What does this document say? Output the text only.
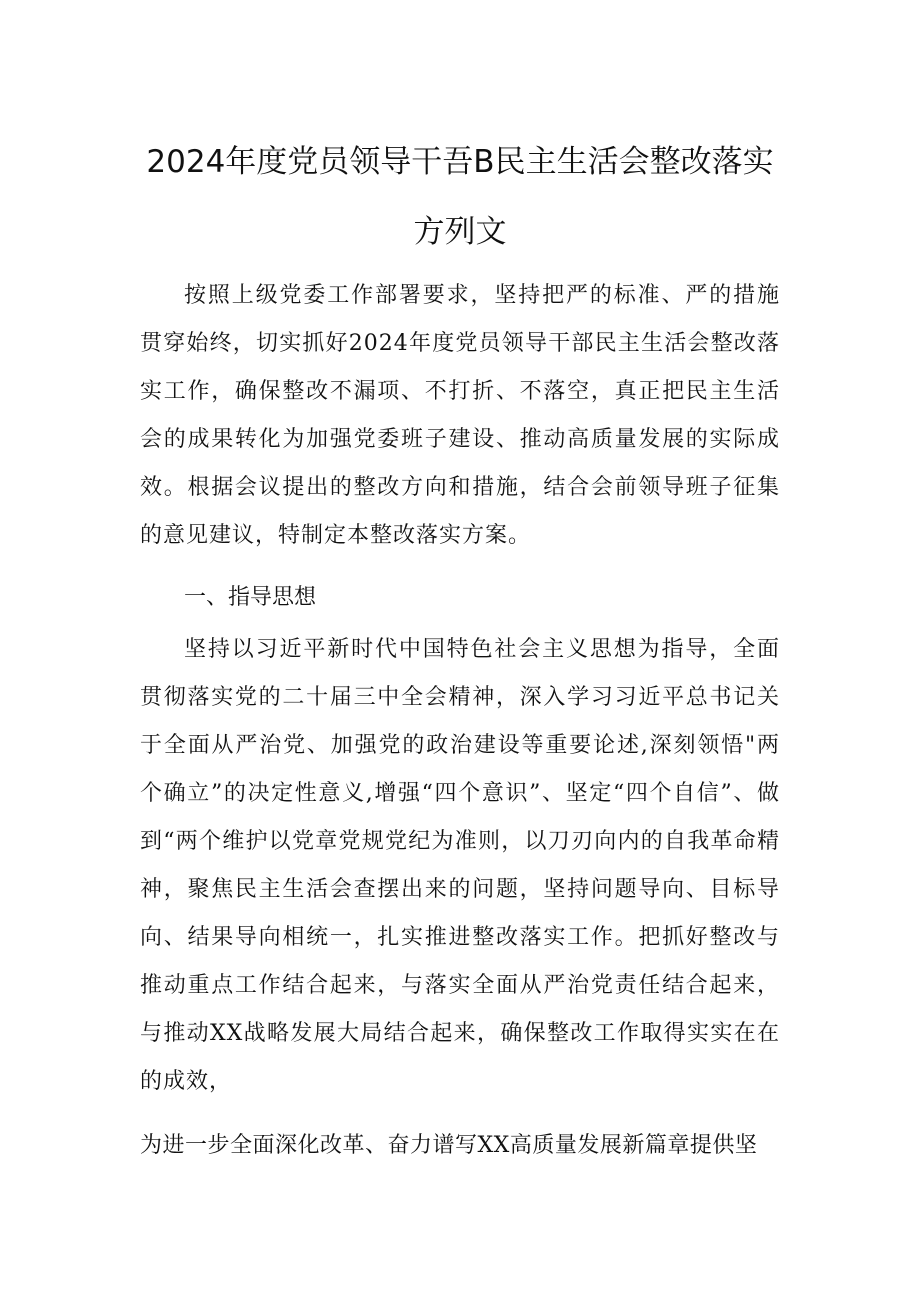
2024年度党员领导干吾B民主生活会整改落实
方列文

按照上级党委工作部署要求，坚持把严的标准、严的措施贯穿始终，切实抓好2024年度党员领导干部民主生活会整改落实工作，确保整改不漏项、不打折、不落空，真正把民主生活会的成果转化为加强党委班子建设、推动高质量发展的实际成效。根据会议提出的整改方向和措施，结合会前领导班子征集的意见建议，特制定本整改落实方案。

一、指导思想

坚持以习近平新时代中国特色社会主义思想为指导，全面贯彻落实党的二十届三中全会精神，深入学习习近平总书记关于全面从严治党、加强党的政治建设等重要论述,深刻领悟"两个确立”的决定性意义,增强“四个意识”、坚定“四个自信”、做到“两个维护以党章党规党纪为准则，以刀刃向内的自我革命精神，聚焦民主生活会查摆出来的问题，坚持问题导向、目标导向、结果导向相统一，扎实推进整改落实工作。把抓好整改与推动重点工作结合起来，与落实全面从严治党责任结合起来，与推动XX战略发展大局结合起来，确保整改工作取得实实在在的成效，

为进一步全面深化改革、奋力谱写XX高质量发展新篇章提供坚
